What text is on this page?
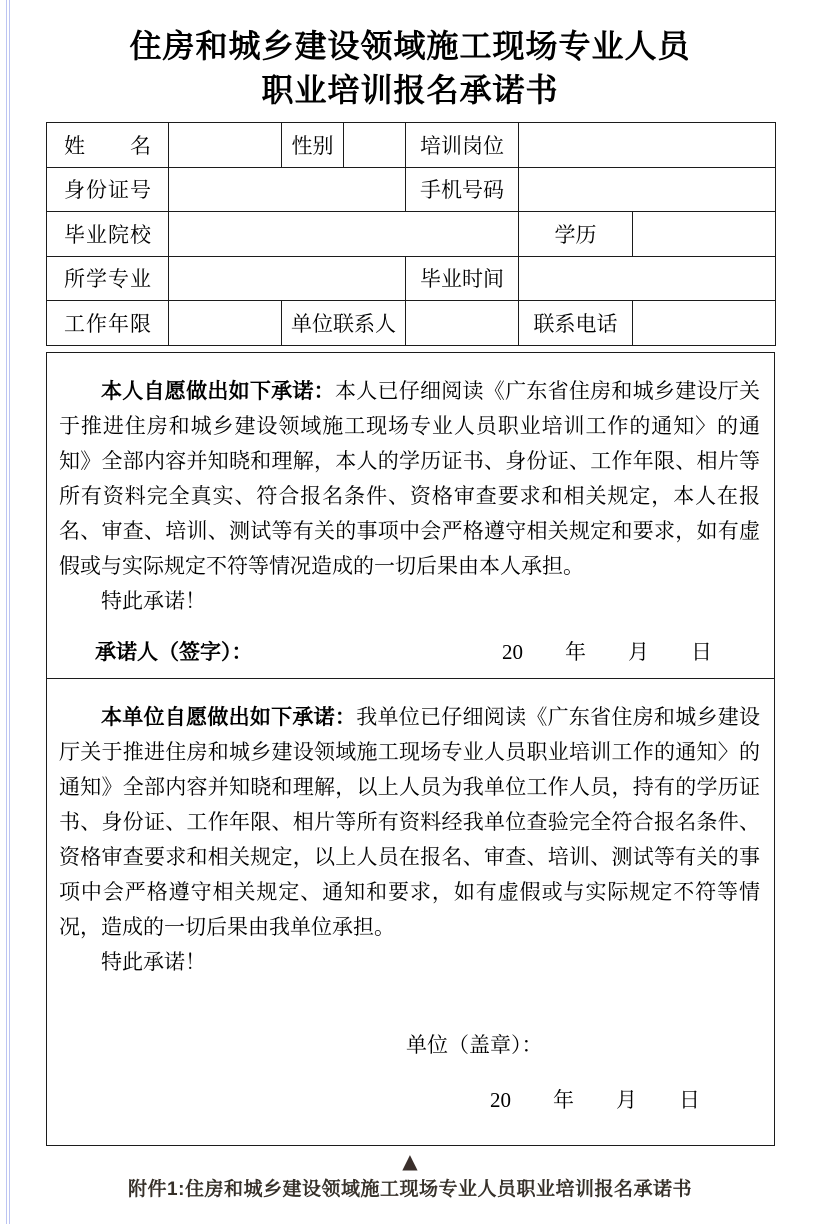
住房和城乡建设领域施工现场专业人员
职业培训报名承诺书
姓　　名		性别		培训岗位		
身份证号				手机号码		
毕业院校					学历	
所学专业				毕业时间		
工作年限		单位联系人			联系电话	

本人自愿做出如下承诺：本人已仔细阅读《广东省住房和城乡建设厅关于推进住房和城乡建设领域施工现场专业人员职业培训工作的通知〉的通知》全部内容并知晓和理解，本人的学历证书、身份证、工作年限、相片等所有资料完全真实、符合报名条件、资格审查要求和相关规定，本人在报名、审查、培训、测试等有关的事项中会严格遵守相关规定和要求，如有虚假或与实际规定不符等情况造成的一切后果由本人承担。

特此承诺！

承诺人（签字）：	20　　年　　月　　日

本单位自愿做出如下承诺：我单位已仔细阅读《广东省住房和城乡建设厅关于推进住房和城乡建设领域施工现场专业人员职业培训工作的通知〉的通知》全部内容并知晓和理解，以上人员为我单位工作人员，持有的学历证书、身份证、工作年限、相片等所有资料经我单位查验完全符合报名条件、资格审查要求和相关规定，以上人员在报名、审查、培训、测试等有关的事项中会严格遵守相关规定、通知和要求，如有虚假或与实际规定不符等情况，造成的一切后果由我单位承担。

特此承诺！

单位（盖章）：
20　　年　　月　　日
▲
附件1:住房和城乡建设领域施工现场专业人员职业培训报名承诺书
